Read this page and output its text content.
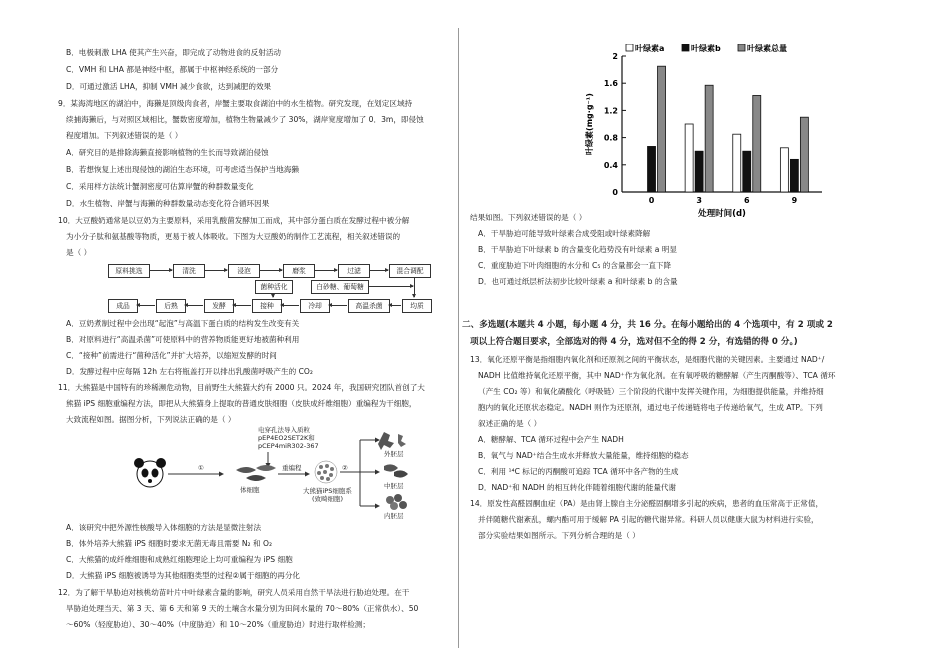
B．电极刺激 LHA 使其产生兴奋，即完成了动物进食的反射活动
C．VMH 和 LHA 都是神经中枢，都属于中枢神经系统的一部分
D．可通过激活 LHA，抑制 VMH 减少食欲，达到减肥的效果
9．某海湾地区的湖泊中，海獭是顶级肉食者，岸蟹主要取食湖泊中的水生植物。研究发现，在划定区域持
续捕海獭后，与对照区域相比，蟹数密度增加，植物生物量减少了 30%，湖岸宽度增加了 0．3m，即侵蚀
程度增加。下列叙述错误的是（ ）
A．研究目的是排除海獭直接影响植物的生长而导致湖泊侵蚀
B．若想恢复上述出现侵蚀的湖泊生态环境，可考虑适当保护当地海獭
C．采用样方法统计蟹洞密度可估算岸蟹的种群数量变化
D．水生植物、岸蟹与海獭的种群数量动态变化符合循环因果
10．大豆酸奶通常是以豆奶为主要原料，采用乳酸菌发酵加工而成，其中部分蛋白质在发酵过程中被分解
为小分子肽和氨基酸等物质，更易于被人体吸收。下图为大豆酸奶的制作工艺流程，相关叙述错误的
是（ ）
原料挑选	清洗	浸泡	磨浆	过滤	混合调配
菌种活化	白砂糖、葡萄糖
成品	后熟	发酵	接种	冷却	高温杀菌	均质
A．豆奶煮制过程中会出现“起泡”与高温下蛋白质的结构发生改变有关
B．对原料进行“高温杀菌”可使原料中的营养物质能更好地被菌种利用
C．“接种”前需进行“菌种活化”并扩大培养，以缩短发酵的时间
D．发酵过程中应每隔 12h 左右将瓶盖打开以排出乳酸菌呼吸产生的 CO₂
11．大熊猫是中国特有的珍稀濒危动物，目前野生大熊猫大约有 2000 只。2024 年，我国研究团队首创了大
熊猫 iPS 细胞重编程方法，即把从大熊猫身上提取的普通皮肤细胞（皮肤成纤维细胞）重编程为干细胞，
大致流程如图。据图分析，下列说法正确的是（ ）
电穿孔法导入质粒
pEP4EO2SET2K和
pCEP4miR302-367
①	重编程
体细胞	大熊猫iPS细胞系
(致畸细胞)
②
外胚层
中胚层
内胚层
A．该研究中把外源性核酸导入体细胞的方法是显微注射法
B．体外培养大熊猫 iPS 细胞时要求无菌无毒且需要 N₂ 和 O₂
C．大熊猫的成纤维细胞和成熟红细胞理论上均可重编程为 iPS 细胞
D．大熊猫 iPS 细胞被诱导为其他细胞类型的过程②属于细胞的再分化
12．为了解干旱胁迫对核桃幼苗叶片中叶绿素含量的影响，研究人员采用自然干旱法进行胁迫处理。在干
旱胁迫处理当天、第 3 天、第 6 天和第 9 天的土壤含水量分别为田间水量的 70～80%（正常供水）、50
～60%（轻度胁迫）、30～40%（中度胁迫）和 10～20%（重度胁迫）时进行取样检测；
0
0.4
0.8
1.2
1.6
2
叶绿素(mg·g⁻¹)
0	3	6	9
处理时间(d)
叶绿素a	叶绿素b	叶绿素总量
结果如图。下列叙述错误的是（ ）
A．干旱胁迫可能导致叶绿素合成受阻或叶绿素降解
B．干旱胁迫下叶绿素 b 的含量变化趋势没有叶绿素 a 明显
C．重度胁迫下叶肉细胞的水分和 C₅ 的含量都会一直下降
D．也可通过纸层析法初步比较叶绿素 a 和叶绿素 b 的含量
二、多选题(本题共 4 小题，每小题 4 分，共 16 分。在每小题给出的 4 个选项中，有 2 项或 2
项以上符合题目要求，全部选对的得 4 分，选对但不全的得 2 分，有选错的得 0 分。)
13．氧化还原平衡是指细胞内氧化剂和还原剂之间的平衡状态，是细胞代谢的关键因素。主要通过 NAD⁺/
NADH 比值维持氧化还原平衡，其中 NAD⁺作为氧化剂。在有氧呼吸的糖酵解（产生丙酮酸等）、TCA 循环
（产生 CO₂ 等）和氧化磷酸化（呼吸链）三个阶段的代谢中发挥关键作用，为细胞提供能量，并维持细
胞内的氧化还原状态稳定。NADH 则作为还原剂，通过电子传递链将电子传递给氧气，生成 ATP。下列
叙述正确的是（ ）
A．糖酵解、TCA 循环过程中会产生 NADH
B．氧气与 NAD⁺结合生成水并释放大量能量，维持细胞的稳态
C．利用 ¹⁴C 标记的丙酮酸可追踪 TCA 循环中各产物的生成
D．NAD⁺和 NADH 的相互转化伴随着细胞代谢的能量代谢
14．原发性高醛固酮血症（PA）是由肾上腺自主分泌醛固酮增多引起的疾病，患者的血压常高于正常值，
并伴随糖代谢紊乱，螺内酯可用于缓解 PA 引起的糖代谢异常。科研人员以健康大鼠为材料进行实验，
部分实验结果如图所示。下列分析合理的是（ ）
